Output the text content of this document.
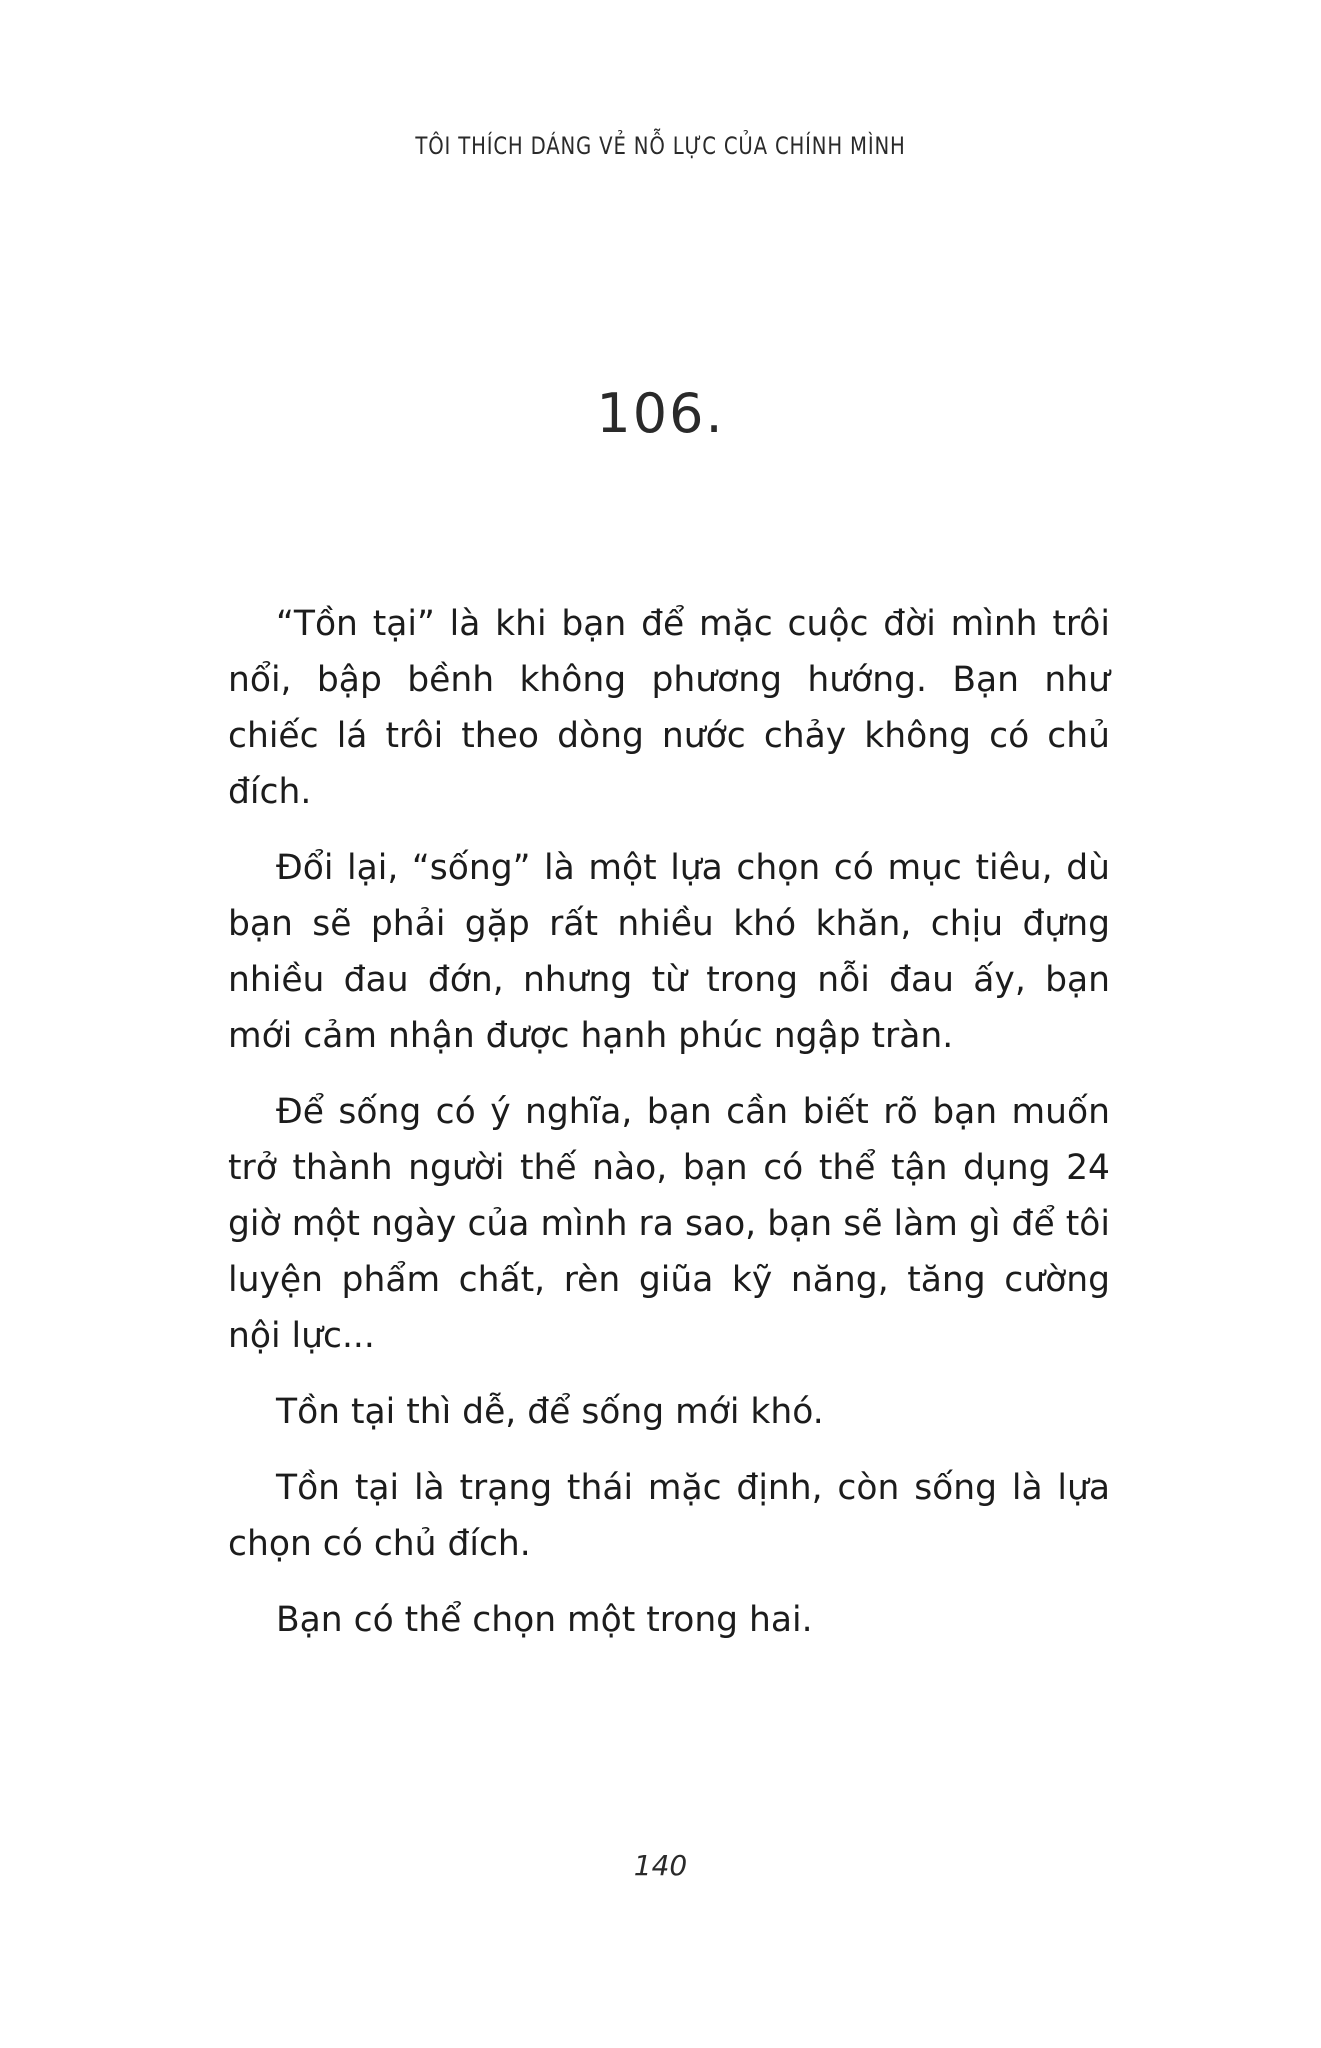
TÔI THÍCH DÁNG VẺ NỖ LỰC CỦA CHÍNH MÌNH
106.

“Tồn tại” là khi bạn để mặc cuộc đời mình trôi nổi, bập bềnh không phương hướng. Bạn như chiếc lá trôi theo dòng nước chảy không có chủ đích.

Đổi lại, “sống” là một lựa chọn có mục tiêu, dù bạn sẽ phải gặp rất nhiều khó khăn, chịu đựng nhiều đau đớn, nhưng từ trong nỗi đau ấy, bạn mới cảm nhận được hạnh phúc ngập tràn.

Để sống có ý nghĩa, bạn cần biết rõ bạn muốn trở thành người thế nào, bạn có thể tận dụng 24 giờ một ngày của mình ra sao, bạn sẽ làm gì để tôi luyện phẩm chất, rèn giũa kỹ năng, tăng cường nội lực...

Tồn tại thì dễ, để sống mới khó.

Tồn tại là trạng thái mặc định, còn sống là lựa chọn có chủ đích.

Bạn có thể chọn một trong hai.

140
